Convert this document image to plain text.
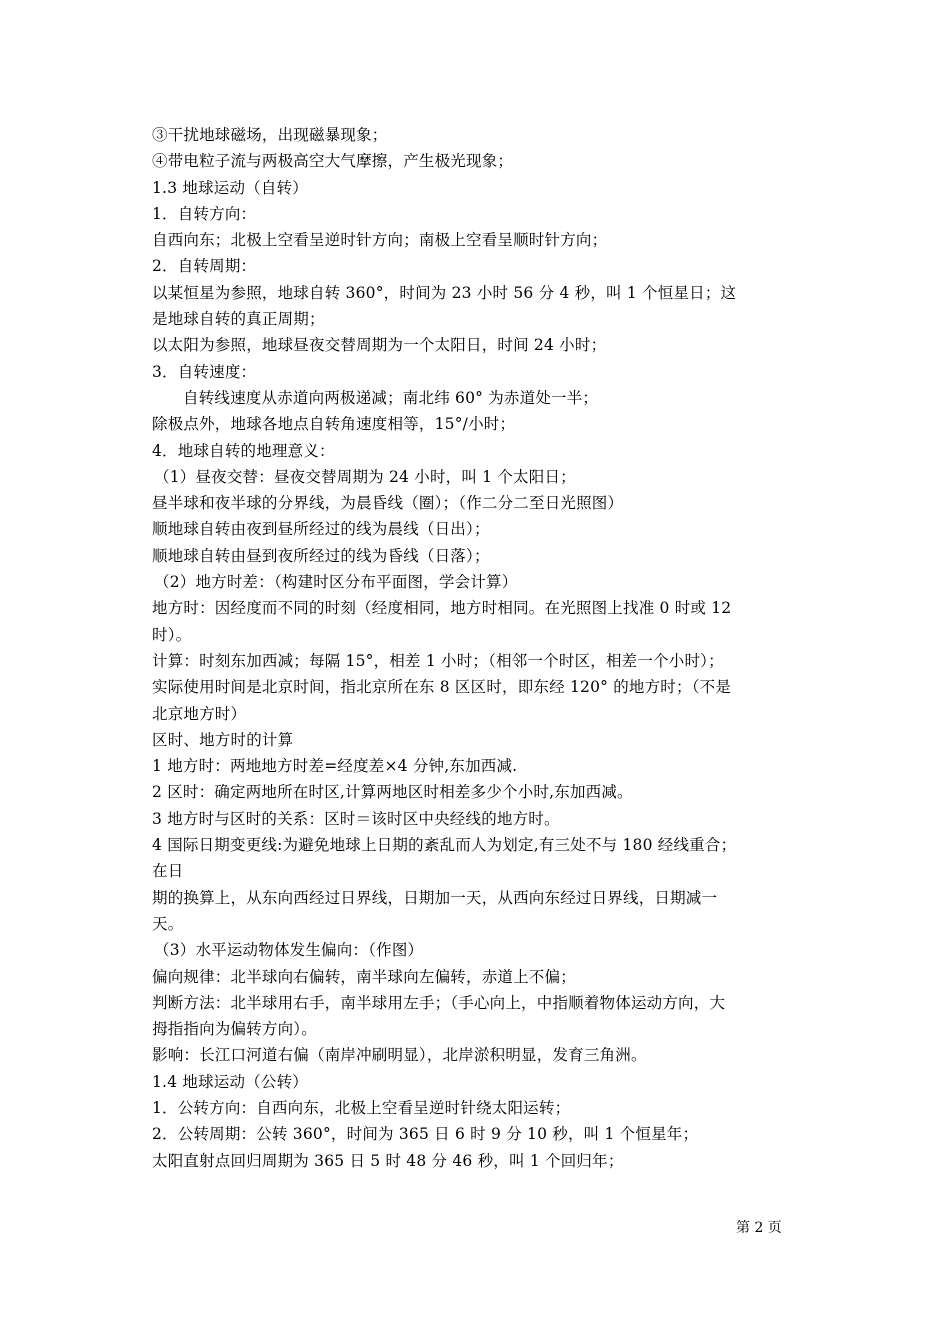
③干扰地球磁场，出现磁暴现象；
④带电粒子流与两极高空大气摩擦，产生极光现象；
1.3 地球运动（自转）
1．自转方向：
自西向东；北极上空看呈逆时针方向；南极上空看呈顺时针方向；
2．自转周期：
以某恒星为参照，地球自转 360°，时间为 23 小时 56 分 4 秒，叫 1 个恒星日；这
是地球自转的真正周期；
以太阳为参照，地球昼夜交替周期为一个太阳日，时间 24 小时；
3．自转速度：
自转线速度从赤道向两极递减；南北纬 60° 为赤道处一半；
除极点外，地球各地点自转角速度相等，15°/小时；
4．地球自转的地理意义：
（1）昼夜交替：昼夜交替周期为 24 小时，叫 1 个太阳日；
昼半球和夜半球的分界线，为晨昏线（圈）；（作二分二至日光照图）
顺地球自转由夜到昼所经过的线为晨线（日出）；
顺地球自转由昼到夜所经过的线为昏线（日落）；
（2）地方时差：（构建时区分布平面图，学会计算）
地方时：因经度而不同的时刻（经度相同，地方时相同。在光照图上找准 0 时或 12
时）。
计算：时刻东加西减；每隔 15°，相差 1 小时；（相邻一个时区，相差一个小时）；
实际使用时间是北京时间，指北京所在东 8 区区时，即东经 120° 的地方时；（不是
北京地方时）
区时、地方时的计算
1 地方时：两地地方时差=经度差×4 分钟,东加西减.
2 区时：确定两地所在时区,计算两地区时相差多少个小时,东加西减。
3 地方时与区时的关系：区时＝该时区中央经线的地方时。
4 国际日期变更线:为避免地球上日期的紊乱而人为划定,有三处不与 180 经线重合；
在日
期的换算上，从东向西经过日界线，日期加一天，从西向东经过日界线，日期减一
天。
（3）水平运动物体发生偏向：（作图）
偏向规律：北半球向右偏转，南半球向左偏转，赤道上不偏；
判断方法：北半球用右手，南半球用左手；（手心向上，中指顺着物体运动方向，大
拇指指向为偏转方向）。
影响：长江口河道右偏（南岸冲刷明显），北岸淤积明显，发育三角洲。
1.4 地球运动（公转）
1．公转方向：自西向东，北极上空看呈逆时针绕太阳运转；
2．公转周期：公转 360°，时间为 365 日 6 时 9 分 10 秒，叫 1 个恒星年；
太阳直射点回归周期为 365 日 5 时 48 分 46 秒，叫 1 个回归年；
第 2 页
